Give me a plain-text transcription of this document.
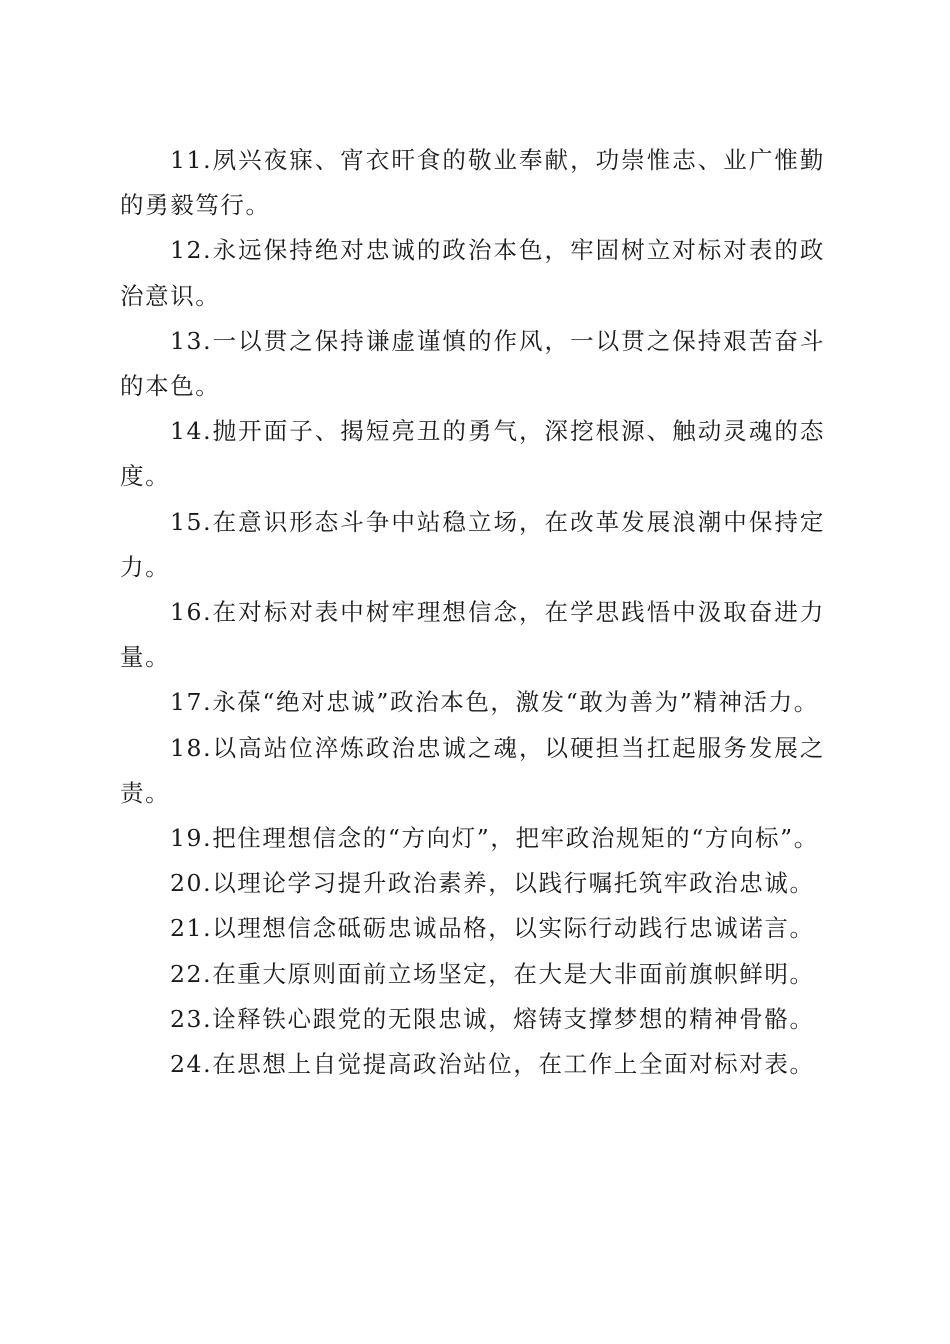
11.夙兴夜寐、宵衣旰食的敬业奉献，功崇惟志、业广惟勤的勇毅笃行。

12.永远保持绝对忠诚的政治本色，牢固树立对标对表的政治意识。

13.一以贯之保持谦虚谨慎的作风，一以贯之保持艰苦奋斗的本色。

14.抛开面子、揭短亮丑的勇气，深挖根源、触动灵魂的态度。

15.在意识形态斗争中站稳立场，在改革发展浪潮中保持定力。

16.在对标对表中树牢理想信念，在学思践悟中汲取奋进力量。

17.永葆“绝对忠诚”政治本色，激发“敢为善为”精神活力。

18.以高站位淬炼政治忠诚之魂，以硬担当扛起服务发展之责。

19.把住理想信念的“方向灯”，把牢政治规矩的“方向标”。

20.以理论学习提升政治素养，以践行嘱托筑牢政治忠诚。

21.以理想信念砥砺忠诚品格，以实际行动践行忠诚诺言。

22.在重大原则面前立场坚定，在大是大非面前旗帜鲜明。

23.诠释铁心跟党的无限忠诚，熔铸支撑梦想的精神骨骼。

24.在思想上自觉提高政治站位，在工作上全面对标对表。
